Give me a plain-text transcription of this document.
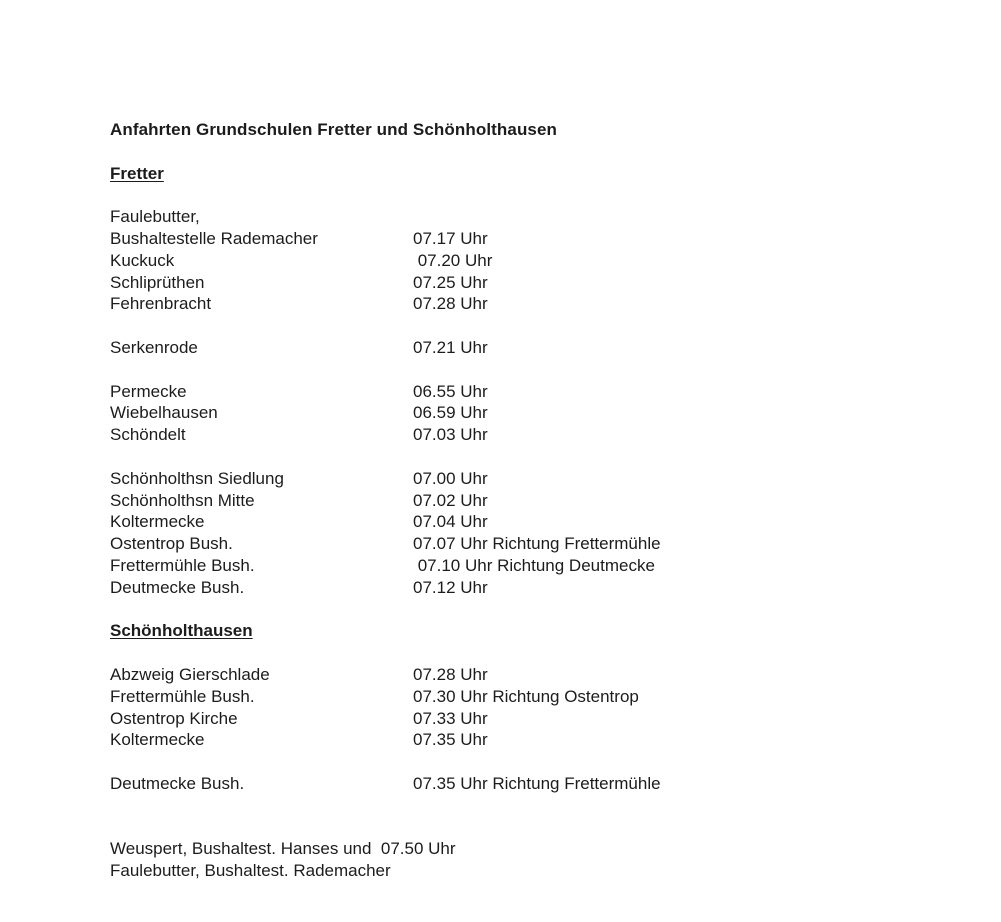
Anfahrten Grundschulen Fretter und Schönholthausen
Fretter
Faulebutter,
Bushaltestelle Rademacher	07.17 Uhr
Kuckuck	07.20 Uhr
Schliprüthen	07.25 Uhr
Fehrenbracht	07.28 Uhr
Serkenrode	07.21 Uhr
Permecke	06.55 Uhr
Wiebelhausen	06.59 Uhr
Schöndelt	07.03 Uhr
Schönholthsn Siedlung	07.00 Uhr
Schönholthsn Mitte	07.02 Uhr
Koltermecke	07.04 Uhr
Ostentrop Bush.	07.07 Uhr Richtung Frettermühle
Frettermühle Bush.	07.10 Uhr Richtung Deutmecke
Deutmecke Bush.	07.12 Uhr
Schönholthausen
Abzweig Gierschlade	07.28 Uhr
Frettermühle Bush.	07.30 Uhr Richtung Ostentrop
Ostentrop Kirche	07.33 Uhr
Koltermecke	07.35 Uhr
Deutmecke Bush.	07.35 Uhr Richtung Frettermühle
Weuspert, Bushaltest. Hanses und  07.50 Uhr
Faulebutter, Bushaltest. Rademacher
